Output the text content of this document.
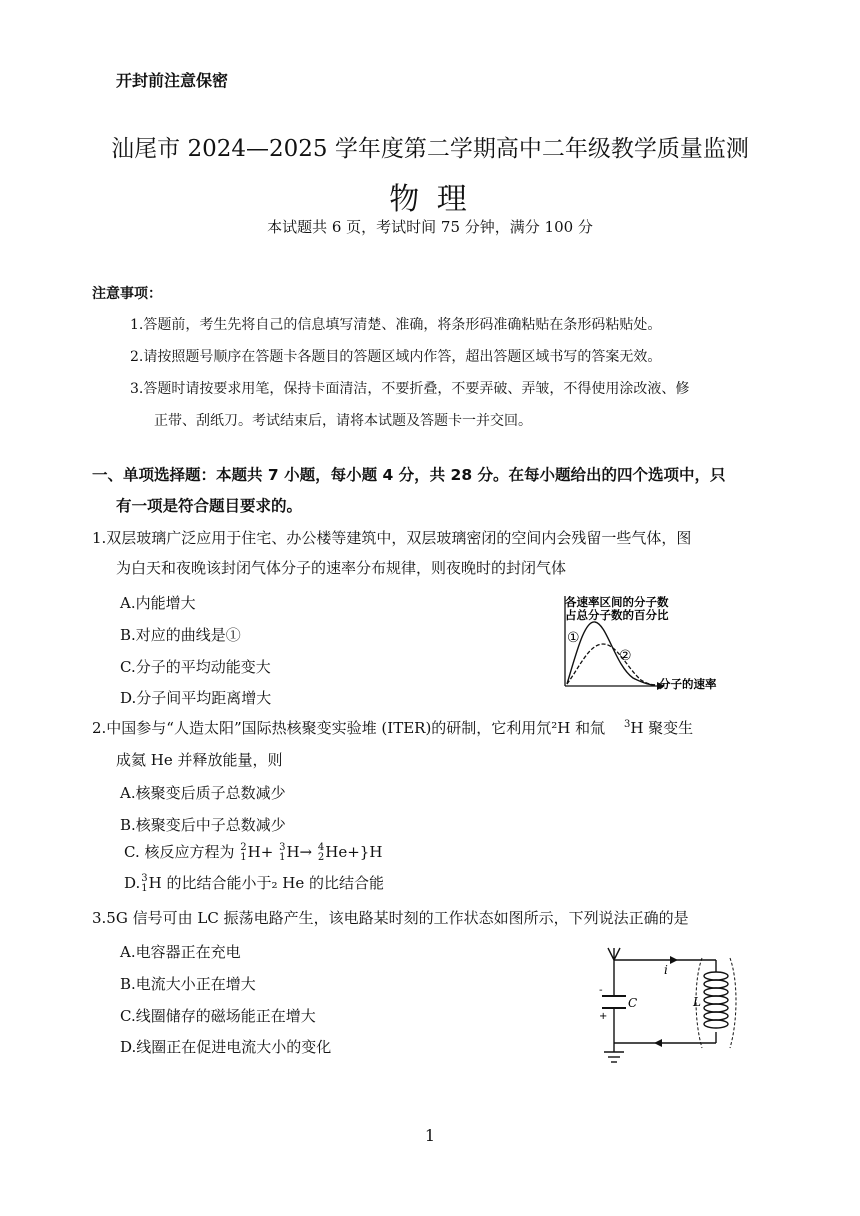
开封前注意保密
汕尾市 2024—2025 学年度第二学期高中二年级教学质量监测
物 理
本试题共 6 页，考试时间 75 分钟，满分 100 分
注意事项：
1.答题前，考生先将自己的信息填写清楚、准确，将条形码准确粘贴在条形码粘贴处。
2.请按照题号顺序在答题卡各题目的答题区域内作答，超出答题区域书写的答案无效。
3.答题时请按要求用笔，保持卡面清洁，不要折叠，不要弄破、弄皱，不得使用涂改液、修
正带、刮纸刀。考试结束后，请将本试题及答题卡一并交回。
一、单项选择题：本题共 7 小题，每小题 4 分，共 28 分。在每小题给出的四个选项中，只
有一项是符合题目要求的。
1.双层玻璃广泛应用于住宅、办公楼等建筑中，双层玻璃密闭的空间内会残留一些气体，图
为白天和夜晚该封闭气体分子的速率分布规律，则夜晚时的封闭气体
A.内能增大
B.对应的曲线是①
C.分子的平均动能变大
D.分子间平均距离增大
各速率区间的分子数
占总分子数的百分比
①
②
分子的速率
2.中国参与“人造太阳”国际热核聚变实验堆 (ITER)的研制，它利用氘²H 和氚 $^3$H 聚变生
成氦 He 并释放能量，则
A.核聚变后质子总数减少
B.核聚变后中子总数减少
C. 核反应方程为 2
1 H+ 3
1 H→ 4
2 He+}H
D. 3
1 H 的比结合能小于₂ He 的比结合能
3.5G 信号可由 LC 振荡电路产生，该电路某时刻的工作状态如图所示，下列说法正确的是
A.电容器正在充电
B.电流大小正在增大
C.线圈储存的磁场能正在增大
D.线圈正在促进电流大小的变化
-
+
i
C	L
1
